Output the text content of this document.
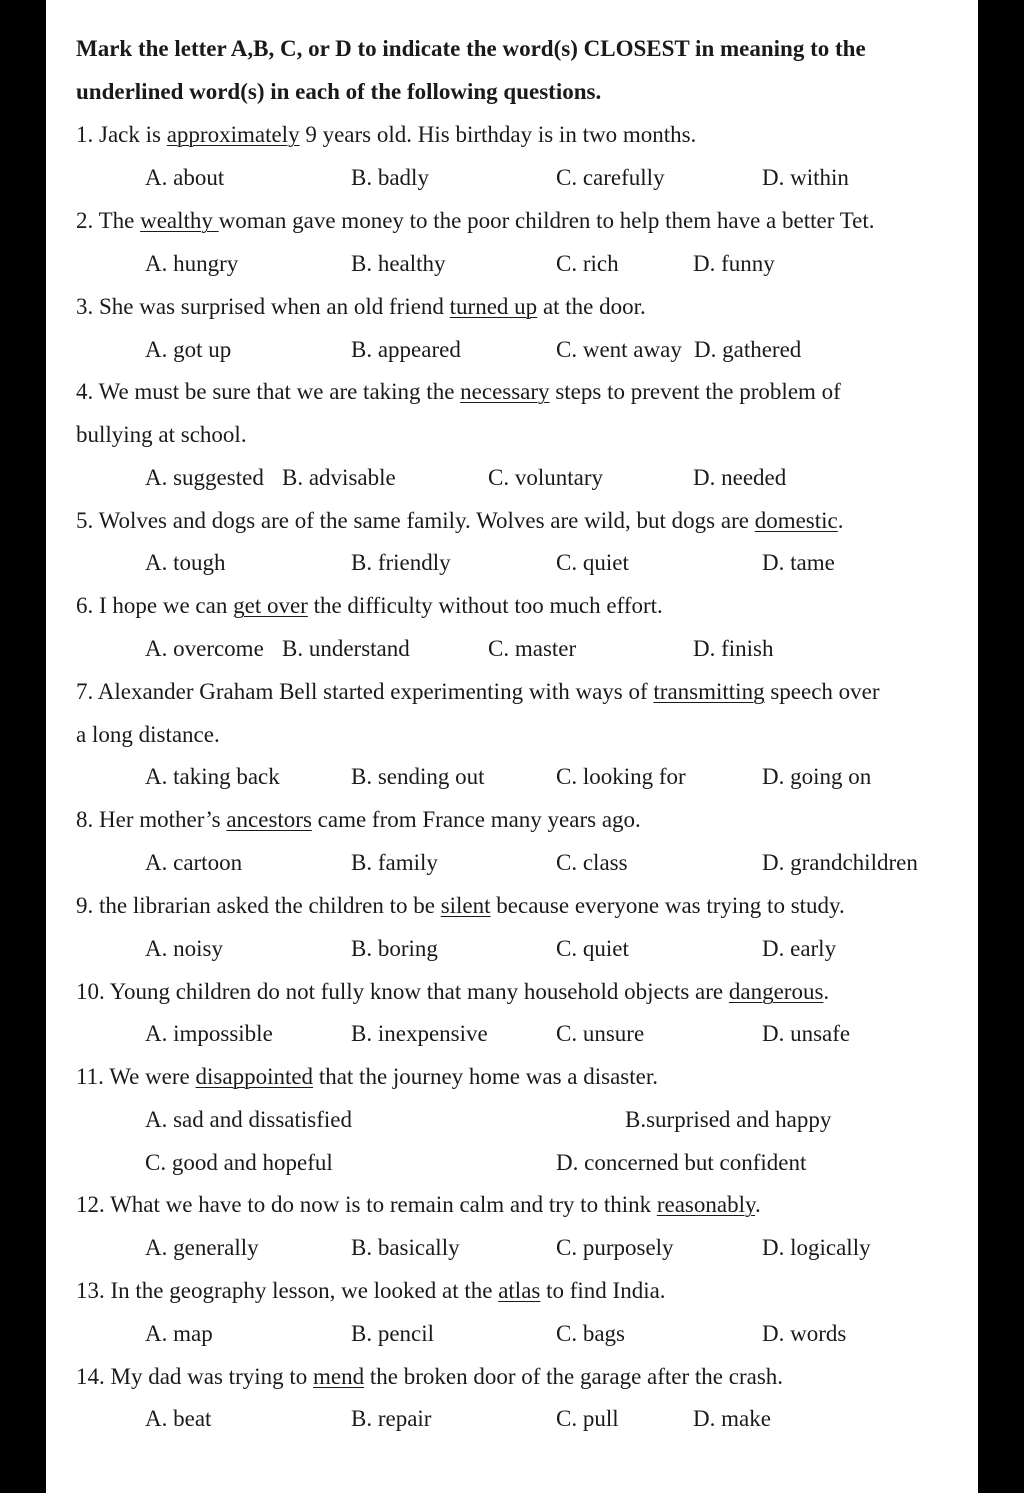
Mark the letter A,B, C, or D to indicate the word(s) CLOSEST in meaning to the
underlined word(s) in each of the following questions.
1. Jack is approximately 9 years old. His birthday is in two months.
A. about	B. badly	C. carefully	D. within
2. The wealthy woman gave money to the poor children to help them have a better Tet.
A. hungry	B. healthy	C. rich	D. funny
3. She was surprised when an old friend turned up at the door.
A. got up	B. appeared	C. went away D. gathered
4. We must be sure that we are taking the necessary steps to prevent the problem of
bullying at school.
A. suggested B. advisable	C. voluntary	D. needed
5. Wolves and dogs are of the same family. Wolves are wild, but dogs are domestic.
A. tough	B. friendly	C. quiet	D. tame
6. I hope we can get over the difficulty without too much effort.
A. overcome B. understand	C. master	D. finish
7. Alexander Graham Bell started experimenting with ways of transmitting speech over
a long distance.
A. taking back	B. sending out	C. looking for	D. going on
8. Her mother’s ancestors came from France many years ago.
A. cartoon	B. family	C. class	D. grandchildren
9. the librarian asked the children to be silent because everyone was trying to study.
A. noisy	B. boring	C. quiet	D. early
10. Young children do not fully know that many household objects are dangerous.
A. impossible	B. inexpensive	C. unsure	D. unsafe
11. We were disappointed that the journey home was a disaster.
A. sad and dissatisfied	B.surprised and happy
C. good and hopeful	D. concerned but confident
12. What we have to do now is to remain calm and try to think reasonably.
A. generally	B. basically	C. purposely	D. logically
13. In the geography lesson, we looked at the atlas to find India.
A. map	B. pencil	C. bags	D. words
14. My dad was trying to mend the broken door of the garage after the crash.
A. beat	B. repair	C. pull	D. make
